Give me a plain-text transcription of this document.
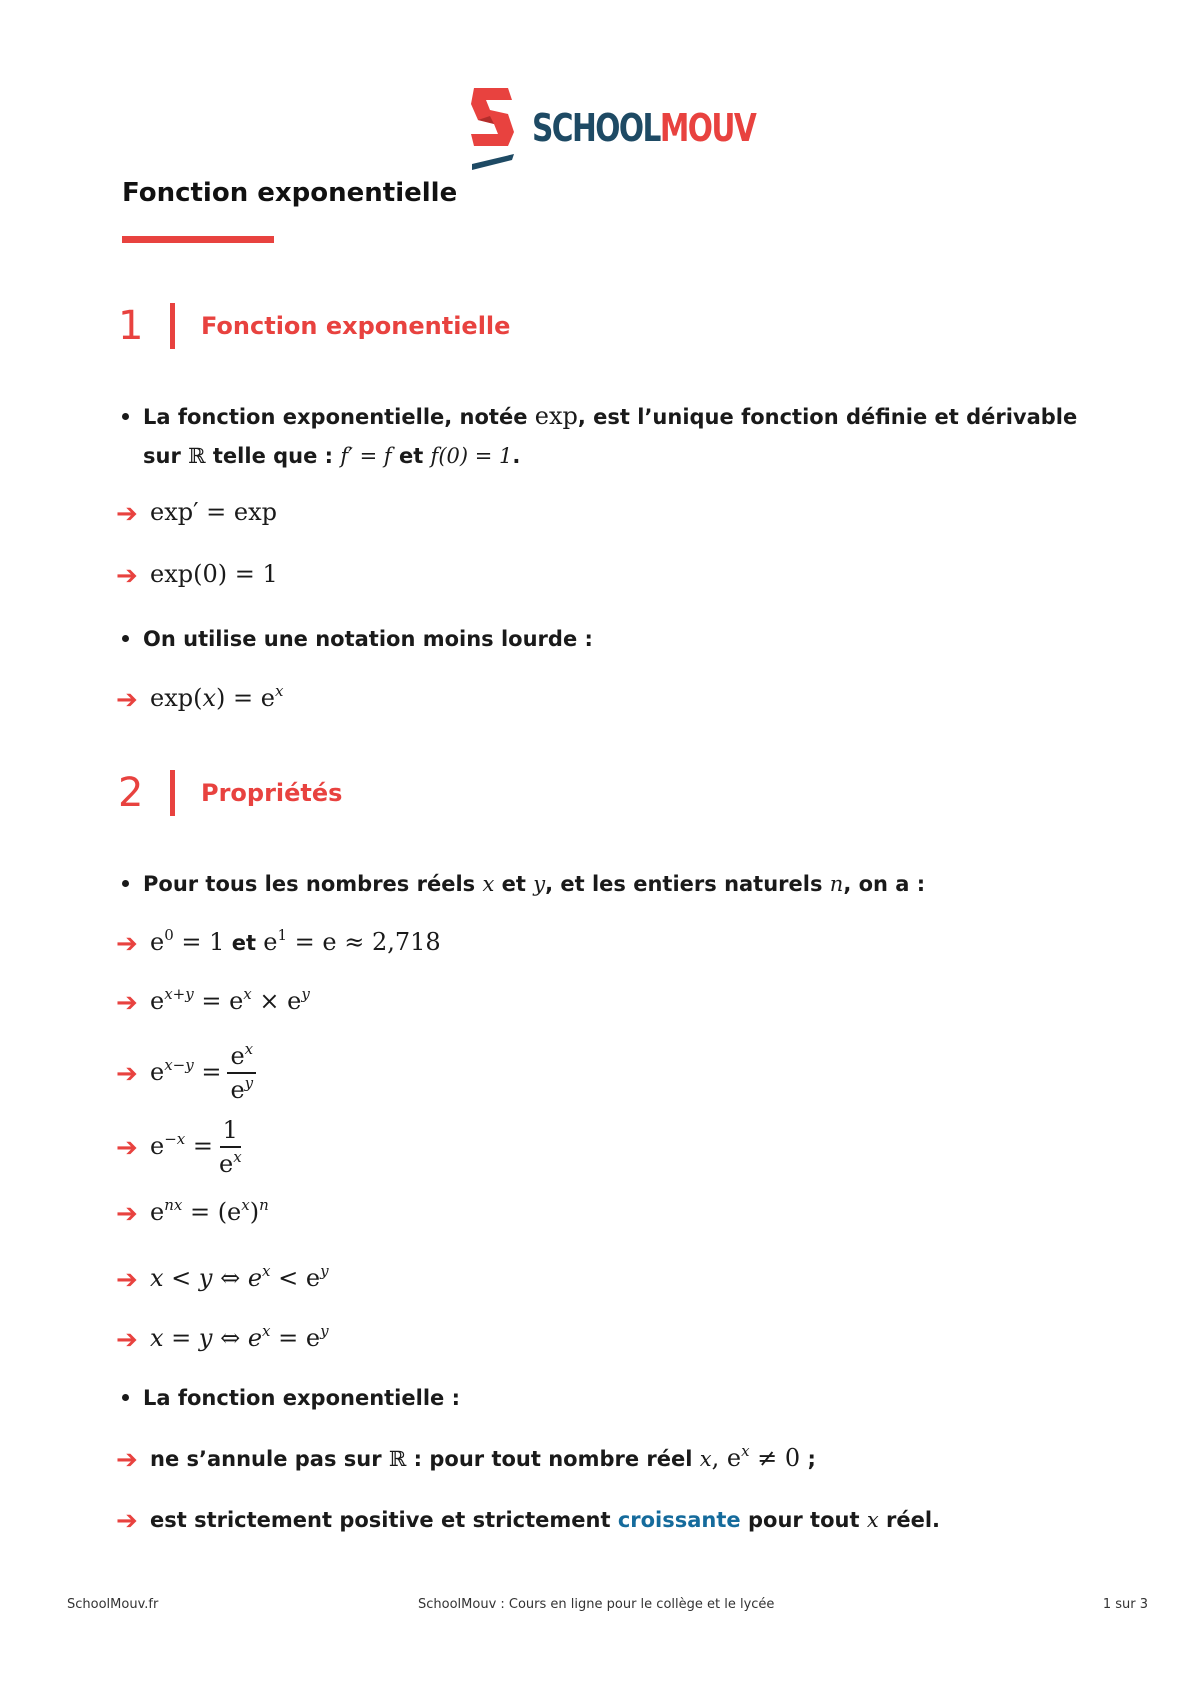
SCHOOLMOUV
Fonction exponentielle
1	Fonction exponentielle
La fonction exponentielle, notée exp, est l’unique fonction définie et dérivable
sur ℝ telle que : f′ = f et f(0) = 1.
➔ exp′ = exp
➔ exp(0) = 1
On utilise une notation moins lourde :
➔ $\exp(x) = e^x$
2	Propriétés
Pour tous les nombres réels x et y, et les entiers naturels n, on a :
➔ $e^0 = 1$ et $e^1 = e \approx 2,718$
➔ $e^{x+y} = e^x \times e^y$
➔ $e^{x-y} = \frac{e^x}{e^y}$
➔ $e^{-x} = \frac{1}{e^x}$
➔ $e^{nx} = (e^x)^n$
➔ x < y ⇔ $e^x < e^y$
➔ x = y ⇔ $e^x = e^y$
La fonction exponentielle :
➔ ne s’annule pas sur ℝ : pour tout nombre réel x, $e^x \ne 0$ ;
➔ est strictement positive et strictement croissante pour tout x réel.
SchoolMouv.fr	SchoolMouv : Cours en ligne pour le collège et le lycée	1 sur 3
